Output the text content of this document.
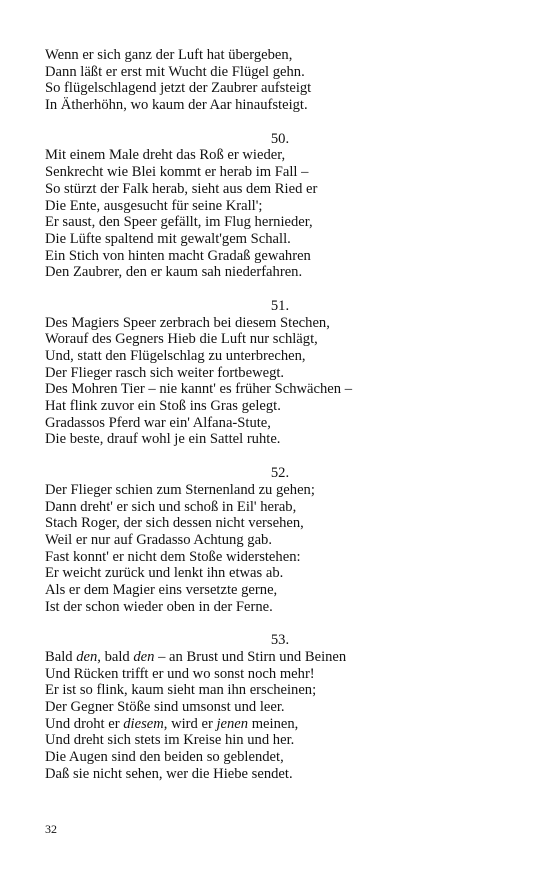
Wenn er sich ganz der Luft hat übergeben,
Dann läßt er erst mit Wucht die Flügel gehn.
So flügelschlagend jetzt der Zaubrer aufsteigt
In Ätherhöhn, wo kaum der Aar hinaufsteigt.
50.
Mit einem Male dreht das Roß er wieder,
Senkrecht wie Blei kommt er herab im Fall –
So stürzt der Falk herab, sieht aus dem Ried er
Die Ente, ausgesucht für seine Krall';
Er saust, den Speer gefällt, im Flug hernieder,
Die Lüfte spaltend mit gewalt'gem Schall.
Ein Stich von hinten macht Gradaß gewahren
Den Zaubrer, den er kaum sah niederfahren.
51.
Des Magiers Speer zerbrach bei diesem Stechen,
Worauf des Gegners Hieb die Luft nur schlägt,
Und, statt den Flügelschlag zu unterbrechen,
Der Flieger rasch sich weiter fortbewegt.
Des Mohren Tier – nie kannt' es früher Schwächen –
Hat flink zuvor ein Stoß ins Gras gelegt.
Gradassos Pferd war ein' Alfana-Stute,
Die beste, drauf wohl je ein Sattel ruhte.
52.
Der Flieger schien zum Sternenland zu gehen;
Dann dreht' er sich und schoß in Eil' herab,
Stach Roger, der sich dessen nicht versehen,
Weil er nur auf Gradasso Achtung gab.
Fast konnt' er nicht dem Stoße widerstehen:
Er weicht zurück und lenkt ihn etwas ab.
Als er dem Magier eins versetzte gerne,
Ist der schon wieder oben in der Ferne.
53.
Bald den, bald den – an Brust und Stirn und Beinen
Und Rücken trifft er und wo sonst noch mehr!
Er ist so flink, kaum sieht man ihn erscheinen;
Der Gegner Stöße sind umsonst und leer.
Und droht er diesem, wird er jenen meinen,
Und dreht sich stets im Kreise hin und her.
Die Augen sind den beiden so geblendet,
Daß sie nicht sehen, wer die Hiebe sendet.
32
